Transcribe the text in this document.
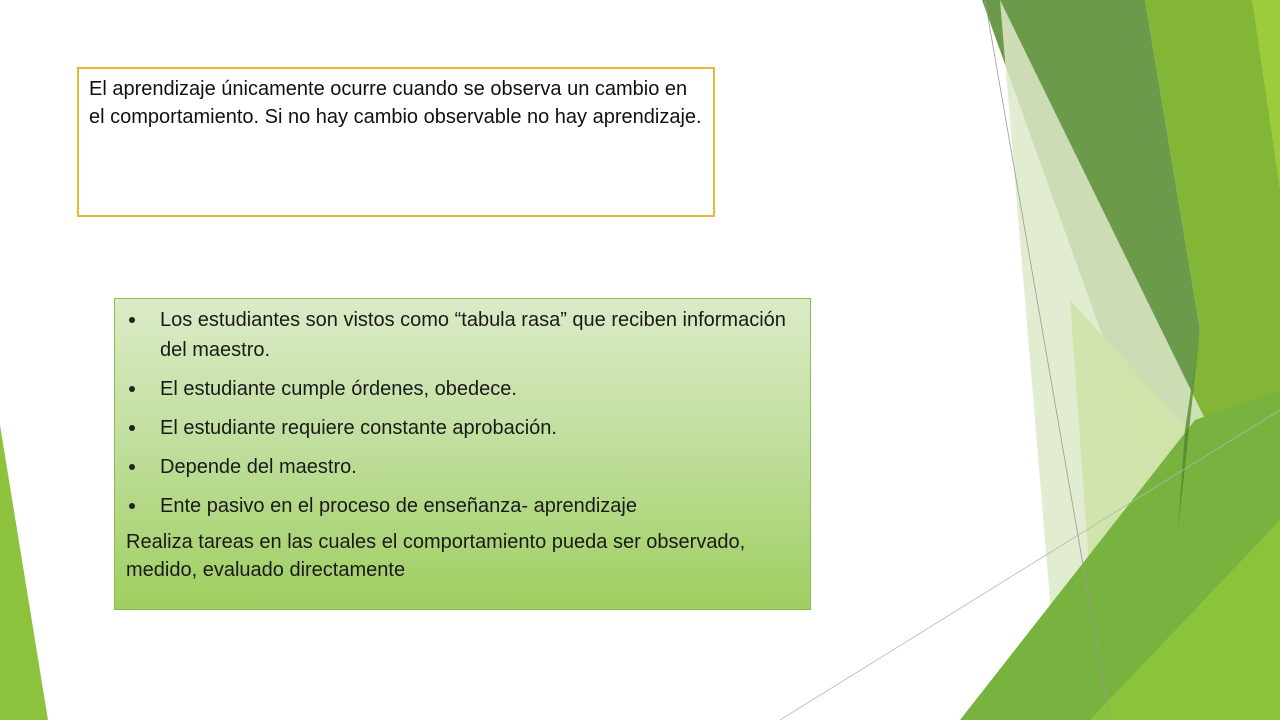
El aprendizaje únicamente ocurre cuando se observa un cambio en el comportamiento. Si no hay cambio observable no hay aprendizaje.
Los estudiantes son vistos como “tabula rasa” que reciben información del maestro.
El estudiante cumple órdenes, obedece.
El estudiante requiere constante aprobación.
Depende del maestro.
Ente pasivo en el proceso de enseñanza- aprendizaje
Realiza tareas en las cuales el comportamiento pueda ser observado, medido, evaluado directamente
